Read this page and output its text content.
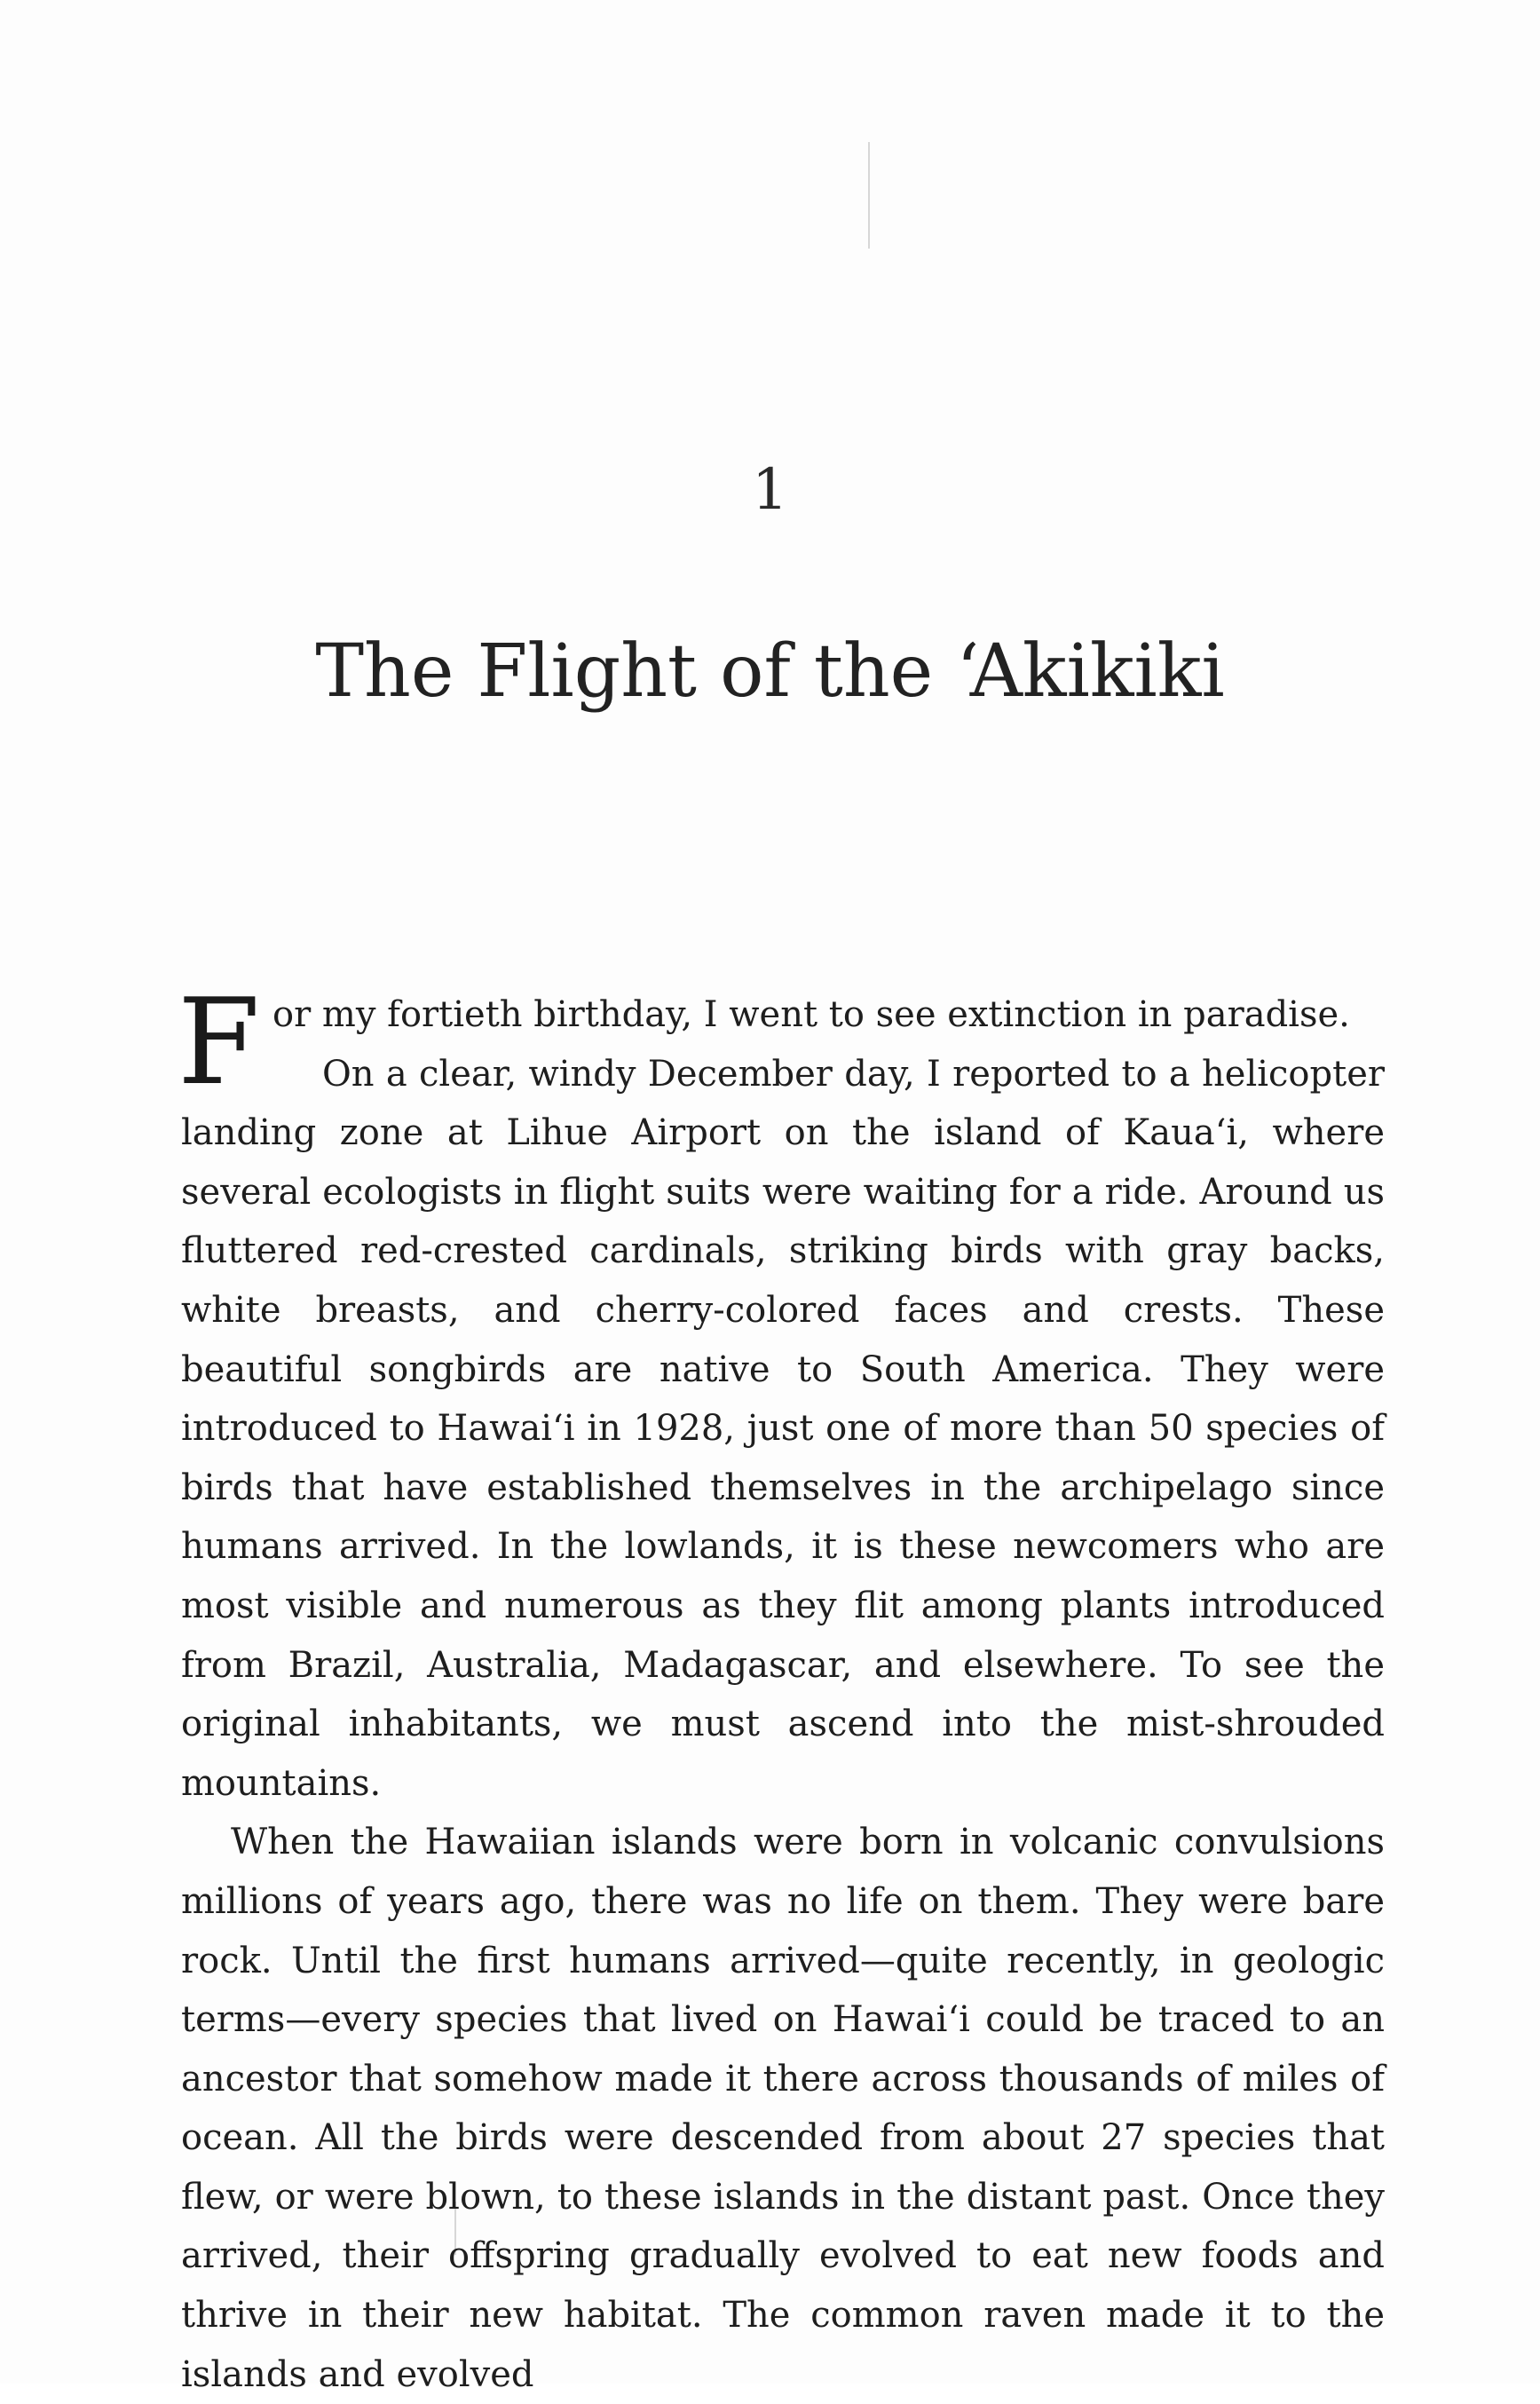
1
The Flight of the ‘Akikiki

For my fortieth birthday, I went to see extinction in paradise.

On a clear, windy December day, I reported to a helicopter landing zone at Lihue Airport on the island of Kaua‘i, where several ecologists in flight suits were waiting for a ride. Around us fluttered red-crested cardinals, striking birds with gray backs, white breasts, and cherry-colored faces and crests. These beautiful songbirds are native to South America. They were introduced to Hawai‘i in 1928, just one of more than 50 species of birds that have established themselves in the archipelago since humans arrived. In the lowlands, it is these newcomers who are most visible and numerous as they flit among plants introduced from Brazil, Australia, Madagascar, and elsewhere. To see the original inhabitants, we must ascend into the mist-shrouded mountains.

When the Hawaiian islands were born in volcanic convulsions millions of years ago, there was no life on them. They were bare rock. Until the first humans arrived—quite recently, in geologic terms—every species that lived on Hawai‘i could be traced to an ancestor that somehow made it there across thousands of miles of ocean. All the birds were descended from about 27 species that flew, or were blown, to these islands in the distant past. Once they arrived, their offspring gradually evolved to eat new foods and thrive in their new habitat. The common raven made it to the islands and evolved
